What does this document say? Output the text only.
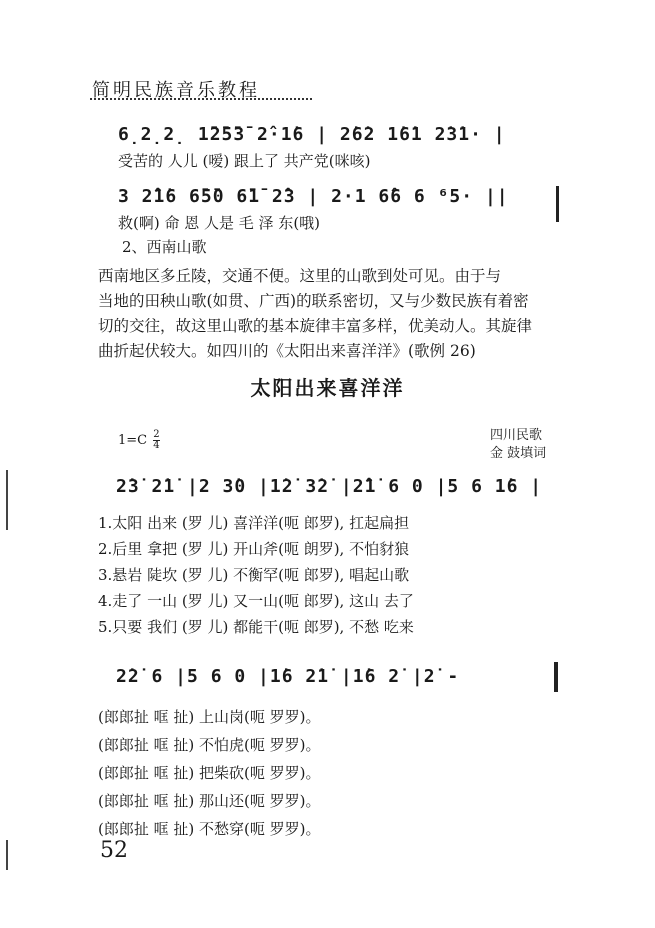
简明民族音乐教程
6̣2̣2̣ 1̄2̄5̄3̄ 2̂·1̇6 | 2̇6̇2 1̇6̇1 2̇3̇1· |
受苦的 人儿 (嗳) 跟上了 共产党(咪咳)
3 2̂1̇6 6̄5̄0 6̄1̄ 2̂3 | 2·1 6̂6 6 ⁶5· ||
救(啊) 命 恩 人是 毛 泽 东(哦)
2、西南山歌
西南地区多丘陵，交通不便。这里的山歌到处可见。由于与
当地的田秧山歌(如贯、广西)的联系密切，又与少数民族有着密
切的交往，故这里山歌的基本旋律丰富多样，优美动人。其旋律
曲折起伏较大。如四川的《太阳出来喜洋洋》(歌例 26)
太阳出来喜洋洋
$1=C \frac{2}{4}$	四川民歌
金 鼓填词
2̇3̇ 2̇1̇ |2 3̇0 |1̇2̇ 3̇2̇ |2̂1̇ 6 0 |5 6 1̇6 |
1.太阳 出来 (罗 儿) 喜洋洋(呃 郎罗), 扛起扁担
2.后里 拿把 (罗 儿) 开山斧(呃 朗罗), 不怕豺狼
3.悬岩 陡坎 (罗 儿) 不衡罕(呃 郎罗), 唱起山歌
4.走了 一山 (罗 儿) 又一山(呃 郎罗), 这山 去了
5.只要 我们 (罗 儿) 都能干(呃 郎罗), 不愁 吃来
2̇2̇ 6 |5 6 0 |1̇6 2̇1̇ |1̇6 2̇ |2̇ -
(郎郎扯 哐 扯) 上山岗(呃 罗罗)。
(郎郎扯 哐 扯) 不怕虎(呃 罗罗)。
(郎郎扯 哐 扯) 把柴砍(呃 罗罗)。
(郎郎扯 哐 扯) 那山还(呃 罗罗)。
(郎郎扯 哐 扯) 不愁穿(呃 罗罗)。
52
